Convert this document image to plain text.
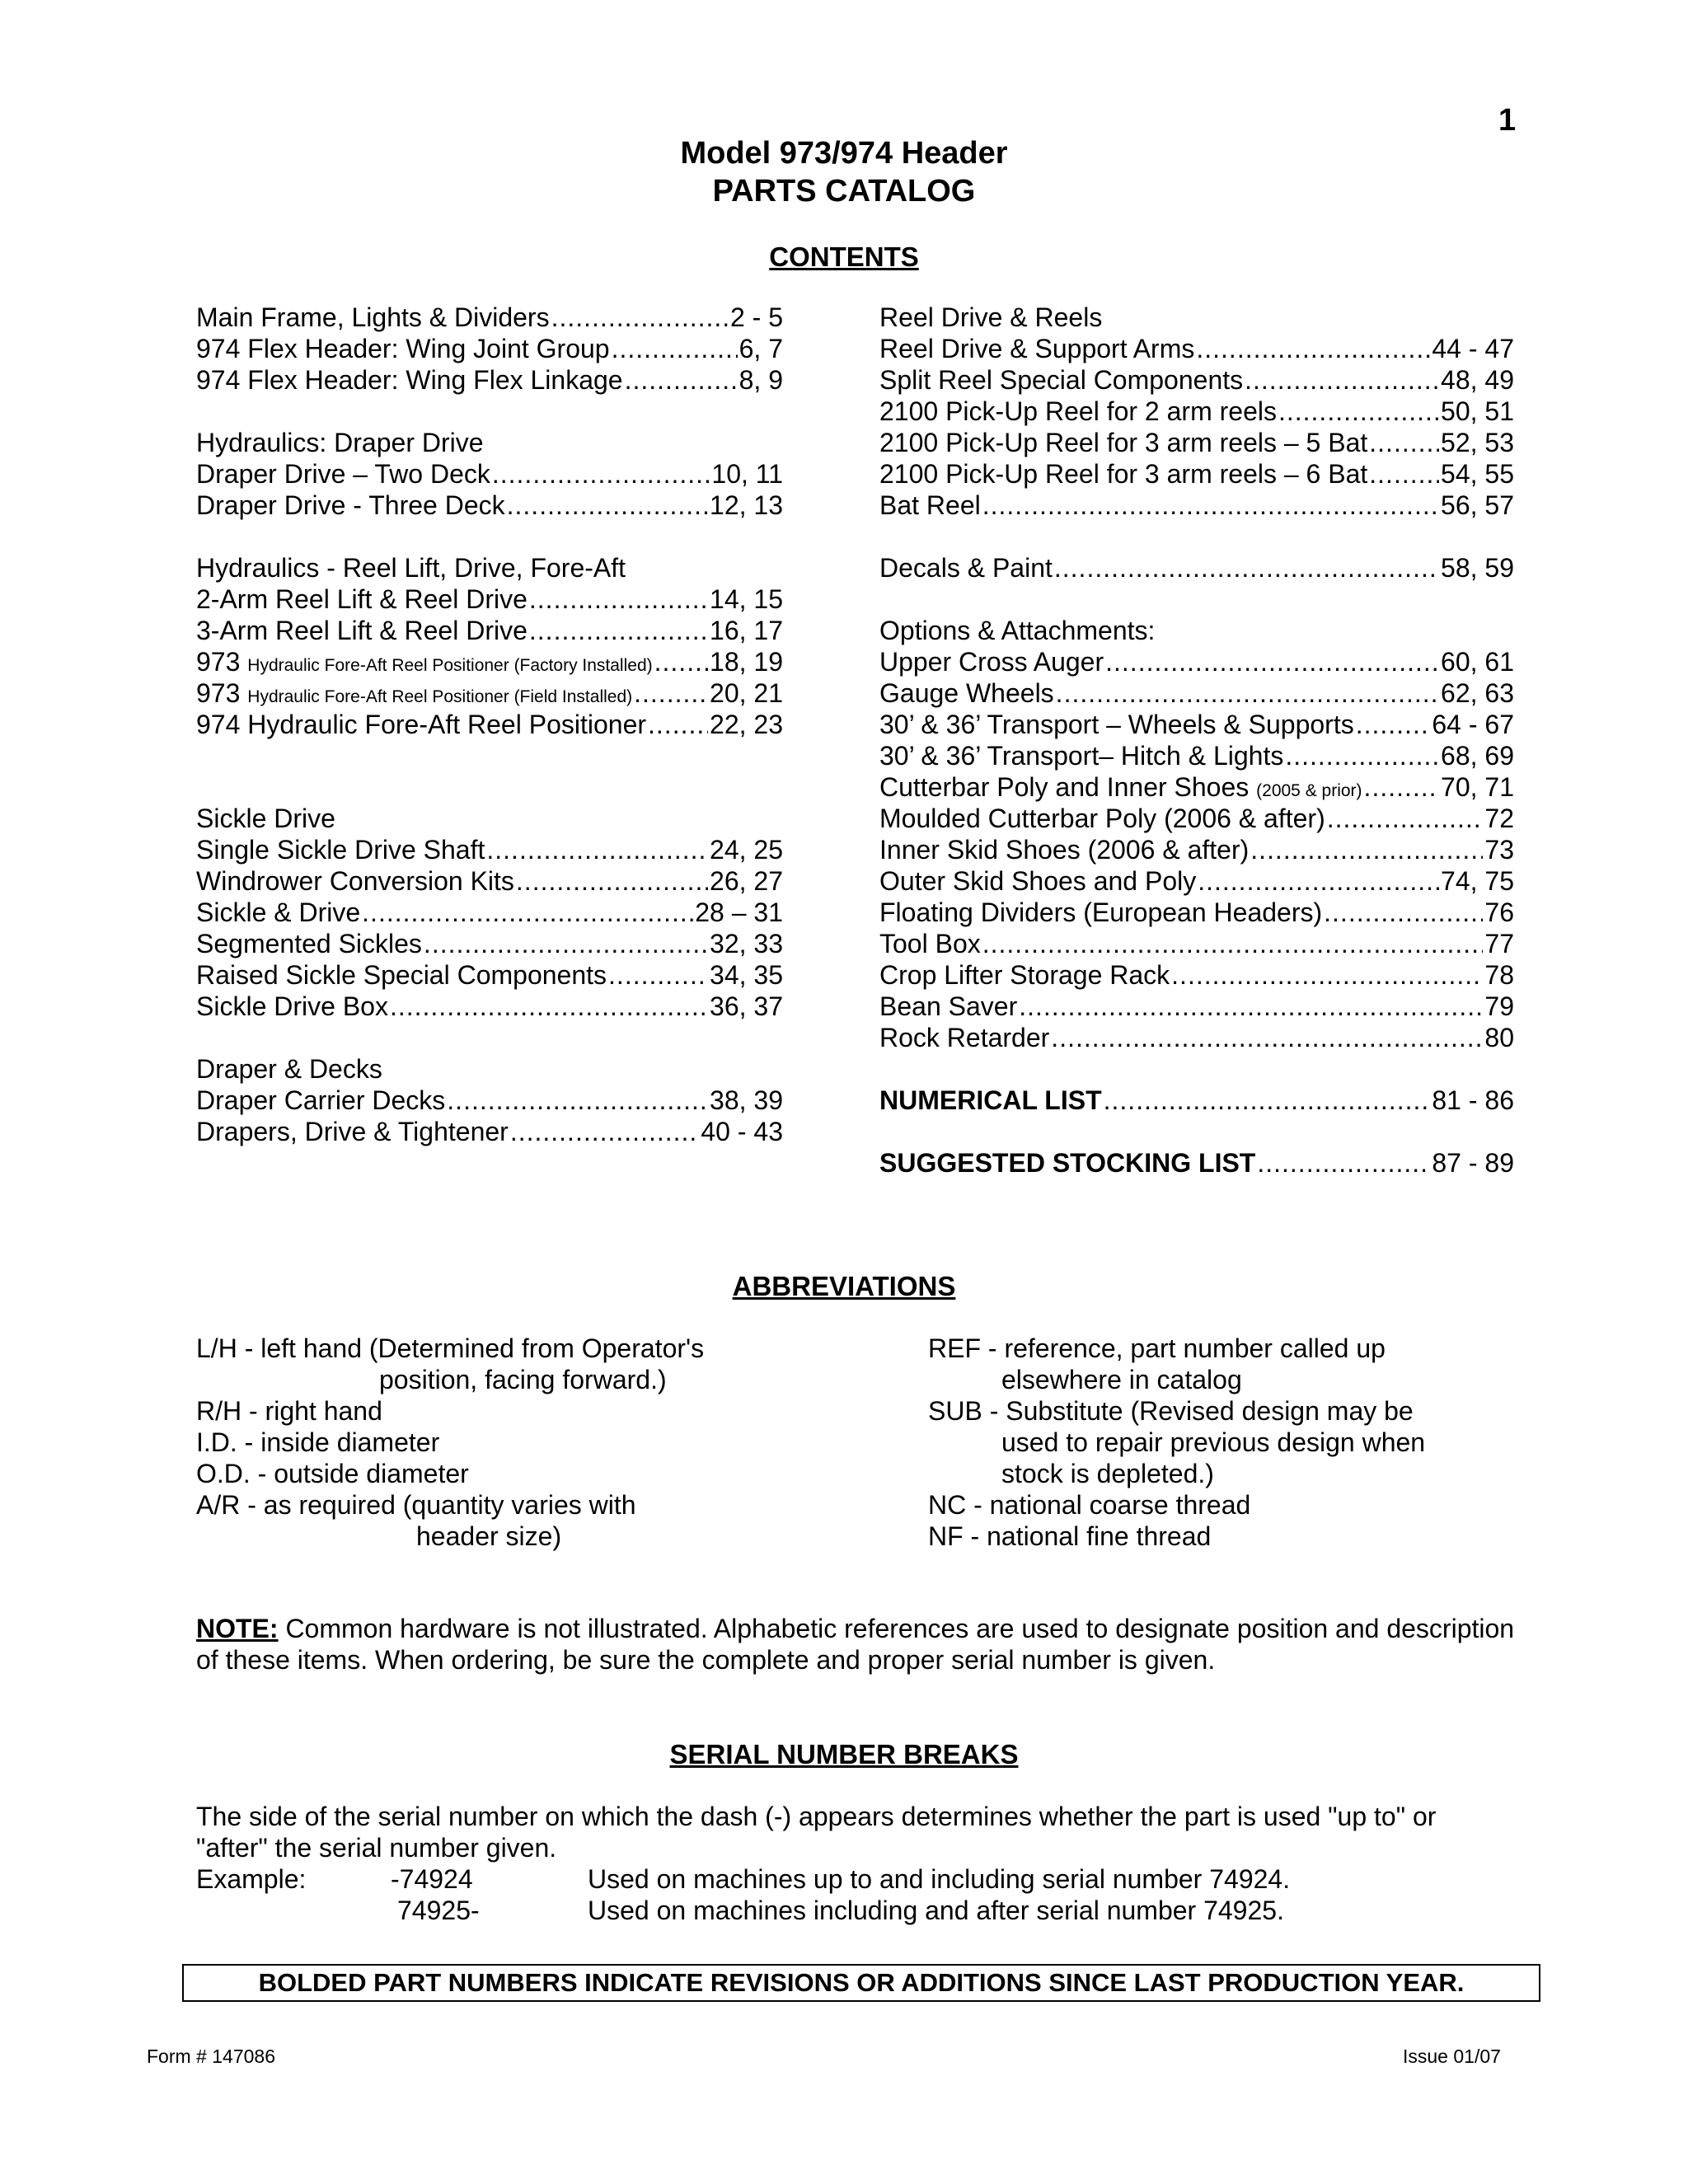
1
Model 973/974 Header
PARTS CATALOG
CONTENTS
Main Frame, Lights & Dividers .....	2 - 5
974 Flex Header: Wing Joint Group .....	6, 7
974 Flex Header: Wing Flex Linkage .....	8, 9
Hydraulics: Draper Drive
Draper Drive – Two Deck .....	10, 11
Draper Drive - Three Deck .....	12, 13
Hydraulics - Reel Lift, Drive, Fore-Aft
2-Arm Reel Lift & Reel Drive .....	14, 15
3-Arm Reel Lift & Reel Drive .....	16, 17
973 Hydraulic Fore-Aft Reel Positioner (Factory Installed) ..... 18, 19
973 Hydraulic Fore-Aft Reel Positioner (Field Installed) .....	20, 21
974 Hydraulic Fore-Aft Reel Positioner ..... 22, 23
Sickle Drive
Single Sickle Drive Shaft .....	24, 25
Windrower Conversion Kits .....	26, 27
Sickle & Drive .....	28 – 31
Segmented Sickles .....	32, 33
Raised Sickle Special Components .....	34, 35
Sickle Drive Box .....	36, 37
Draper & Decks
Draper Carrier Decks .....	38, 39
Drapers, Drive & Tightener .....	40 - 43
Reel Drive & Reels
Reel Drive & Support Arms .....	44 - 47
Split Reel Special Components .....	48, 49
2100 Pick-Up Reel for 2 arm reels .....	50, 51
2100 Pick-Up Reel for 3 arm reels – 5 Bat .....	52, 53
2100 Pick-Up Reel for 3 arm reels – 6 Bat .....	54, 55
Bat Reel .....	56, 57
Decals & Paint .....	58, 59
Options & Attachments:
Upper Cross Auger .....	60, 61
Gauge Wheels .....	62, 63
30’ & 36’ Transport – Wheels & Supports .....	64 - 67
30’ & 36’ Transport– Hitch & Lights .....	68, 69
Cutterbar Poly and Inner Shoes (2005 & prior) .....	70, 71
Moulded Cutterbar Poly (2006 & after) .....	72
Inner Skid Shoes (2006 & after) .....	73
Outer Skid Shoes and Poly .....	74, 75
Floating Dividers (European Headers) .....	76
Tool Box .....	77
Crop Lifter Storage Rack .....	78
Bean Saver .....	79
Rock Retarder .....	80
NUMERICAL LIST .....	81 - 86
SUGGESTED STOCKING LIST .....	87 - 89
ABBREVIATIONS
L/H - left hand (Determined from Operator's
position, facing forward.)
R/H - right hand
I.D. - inside diameter
O.D. - outside diameter
A/R - as required (quantity varies with
header size)
REF - reference, part number called up
elsewhere in catalog
SUB - Substitute (Revised design may be
used to repair previous design when
stock is depleted.)
NC - national coarse thread
NF - national fine thread
NOTE: Common hardware is not illustrated. Alphabetic references are used to designate position and description of these items. When ordering, be sure the complete and proper serial number is given.
SERIAL NUMBER BREAKS
The side of the serial number on which the dash (-) appears determines whether the part is used "up to" or "after" the serial number given.
Example:	-74924	Used on machines up to and including serial number 74924.
74925-	Used on machines including and after serial number 74925.
BOLDED PART NUMBERS INDICATE REVISIONS OR ADDITIONS SINCE LAST PRODUCTION YEAR.
Form # 147086	Issue 01/07
